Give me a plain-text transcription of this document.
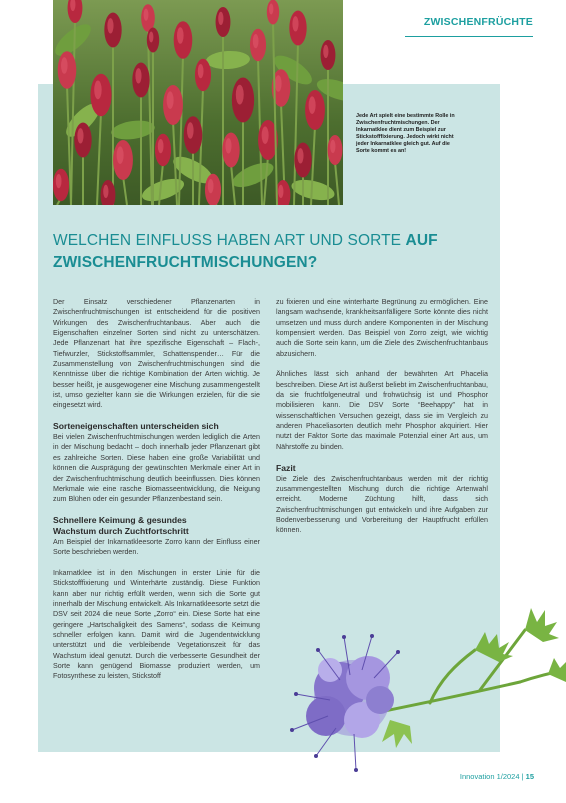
ZWISCHENFRÜCHTE
Jede Art spielt eine bestimmte Rolle in Zwischenfruchtmischungen. Der Inkarnatklee dient zum Beispiel zur Stickstofffixierung. Jedoch wirkt nicht jeder Inkarnatklee gleich gut. Auf die Sorte kommt es an!
WELCHEN EINFLUSS HABEN ART UND SORTE AUF ZWISCHENFRUCHTMISCHUNGEN?

Der Einsatz verschiedener Pflanzenarten in Zwischenfruchtmischungen ist entscheidend für die positiven Wirkungen des Zwischenfruchtanbaus. Aber auch die Eigenschaften einzelner Sorten sind nicht zu unterschätzen. Jede Pflanzenart hat ihre spezifische Eigenschaft – Flach-, Tiefwurzler, Stickstoffsammler, Schattenspender… Für die Zusammenstellung von Zwischenfruchtmischungen sind die Kenntnisse über die richtige Kombination der Arten wichtig. Je besser heißt, je ausgewogener eine Mischung zusammengestellt ist, umso gezielter kann sie die Wirkungen erzielen, für die sie eingesetzt wird.

Sorteneigenschaften unterscheiden sich

Bei vielen Zwischenfruchtmischungen werden lediglich die Arten in der Mischung bedacht – doch innerhalb jeder Pflanzenart gibt es zahlreiche Sorten. Diese haben eine große Variabilität und können die Ausprägung der gewünschten Merkmale einer Art in der Zwischenfruchtmischung deutlich beeinflussen. Dies können Merkmale wie eine rasche Biomasseentwicklung, die Neigung zum Blühen oder ein gesunder Pflanzenbestand sein.

Schnellere Keimung & gesundes

Wachstum durch Zuchtfortschritt

Am Beispiel der Inkarnatkleesorte Zorro kann der Einfluss einer Sorte beschrieben werden.

Inkarnatklee ist in den Mischungen in erster Linie für die Stickstofffixierung und Winterhärte zuständig. Diese Funktion kann aber nur richtig erfüllt werden, wenn sich die Sorte gut innerhalb der Mischung entwickelt. Als Inkarnatkleesorte setzt die DSV seit 2024 die neue Sorte „Zorro“ ein. Diese Sorte hat eine geringere „Hartschaligkeit des Samens“, sodass die Keimung schneller erfolgen kann. Damit wird die Jugendentwicklung unterstützt und die verbleibende Vegetationszeit für das Wachstum ideal genutzt. Durch die verbesserte Gesundheit der Sorte kann genügend Biomasse produziert werden, um Fotosynthese zu leisten, Stickstoff

zu fixieren und eine winterharte Begrünung zu ermöglichen. Eine langsam wachsende, krankheitsanfälligere Sorte könnte dies nicht umsetzen und muss durch andere Komponenten in der Mischung kompensiert werden. Das Beispiel von Zorro zeigt, wie wichtig auch die Sorte sein kann, um die Ziele des Zwischenfruchtanbaus abzusichern.

Ähnliches lässt sich anhand der bewährten Art Phacelia beschreiben. Diese Art ist äußerst beliebt im Zwischenfruchtanbau, da sie fruchtfolgeneutral und frohwüchsig ist und Phosphor mobilisieren kann. Die DSV Sorte “Beehappy” hat in wissenschaftlichen Versuchen gezeigt, dass sie im Vergleich zu anderen Phaceliasorten deutlich mehr Phosphor akquiriert. Hier nutzt der Faktor Sorte das maximale Potenzial einer Art aus, um Nährstoffe zu binden.

Fazit

Die Ziele des Zwischenfruchtanbaus werden mit der richtig zusammengestellten Mischung durch die richtige Artenwahl erreicht. Moderne Züchtung hilft, dass sich Zwischenfruchtmischungen gut entwickeln und ihre Aufgaben zur Bodenverbesserung und Vorbereitung der Hauptfrucht erfüllen können.

Innovation 1/2024 | 15
